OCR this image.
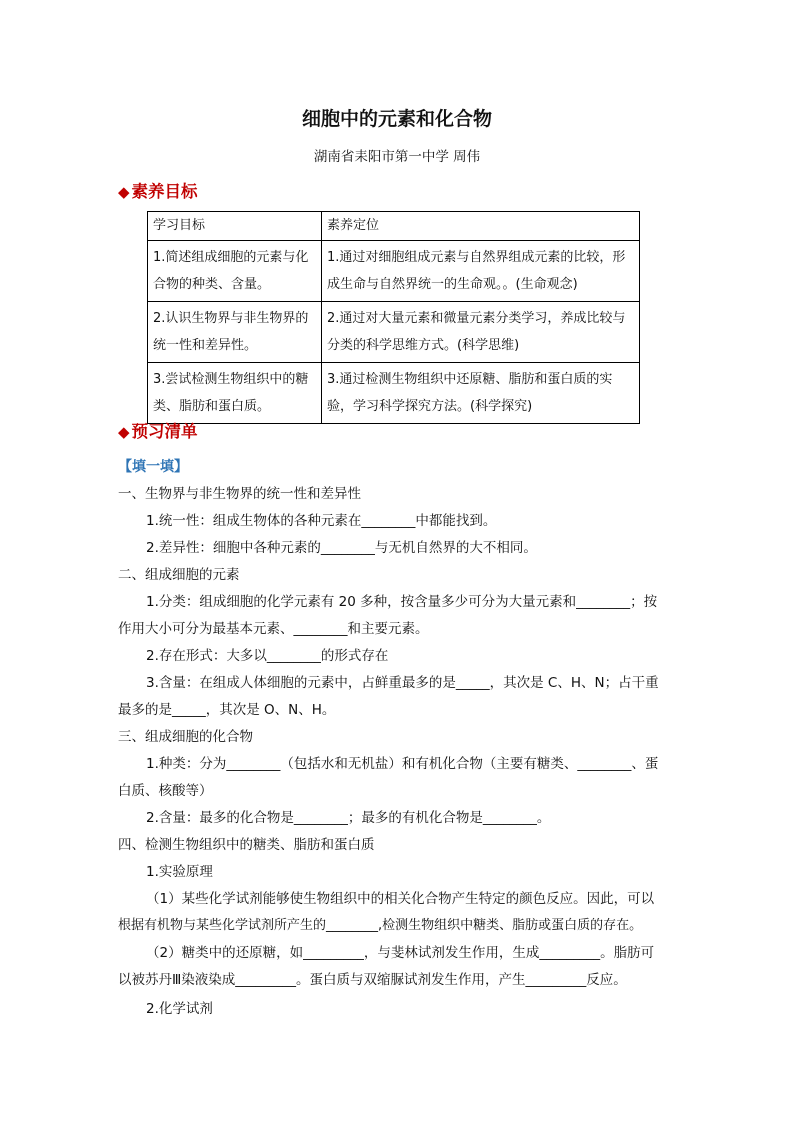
细胞中的元素和化合物
湖南省耒阳市第一中学 周伟
◆ 素养目标
学习目标	素养定位
1.简述组成细胞的元素与化合物的种类、含量。	1.通过对细胞组成元素与自然界组成元素的比较，形成生命与自然界统一的生命观。。(生命观念)
2.认识生物界与非生物界的统一性和差异性。	2.通过对大量元素和微量元素分类学习，养成比较与分类的科学思维方式。(科学思维)
3.尝试检测生物组织中的糖类、脂肪和蛋白质。	3.通过检测生物组织中还原糖、脂肪和蛋白质的实验，学习科学探究方法。(科学探究)
◆ 预习清单
【填一填】
一、生物界与非生物界的统一性和差异性
1.统一性：组成生物体的各种元素在________中都能找到。
2.差异性：细胞中各种元素的________与无机自然界的大不相同。
二、组成细胞的元素
1.分类：组成细胞的化学元素有 20 多种，按含量多少可分为大量元素和________；按
作用大小可分为最基本元素、________和主要元素。
2.存在形式：大多以________的形式存在
3.含量：在组成人体细胞的元素中，占鲜重最多的是_____，其次是 C、H、N；占干重
最多的是_____，其次是 O、N、H。
三、组成细胞的化合物
1.种类：分为________（包括水和无机盐）和有机化合物（主要有糖类、________、蛋
白质、核酸等）
2.含量：最多的化合物是________；最多的有机化合物是________。
四、检测生物组织中的糖类、脂肪和蛋白质
1.实验原理
（1）某些化学试剂能够使生物组织中的相关化合物产生特定的颜色反应。因此，可以
根据有机物与某些化学试剂所产生的________,检测生物组织中糖类、脂肪或蛋白质的存在。
（2）糖类中的还原糖，如_________，与斐林试剂发生作用，生成_________。脂肪可
以被苏丹Ⅲ染液染成_________。蛋白质与双缩脲试剂发生作用，产生_________反应。
2.化学试剂
